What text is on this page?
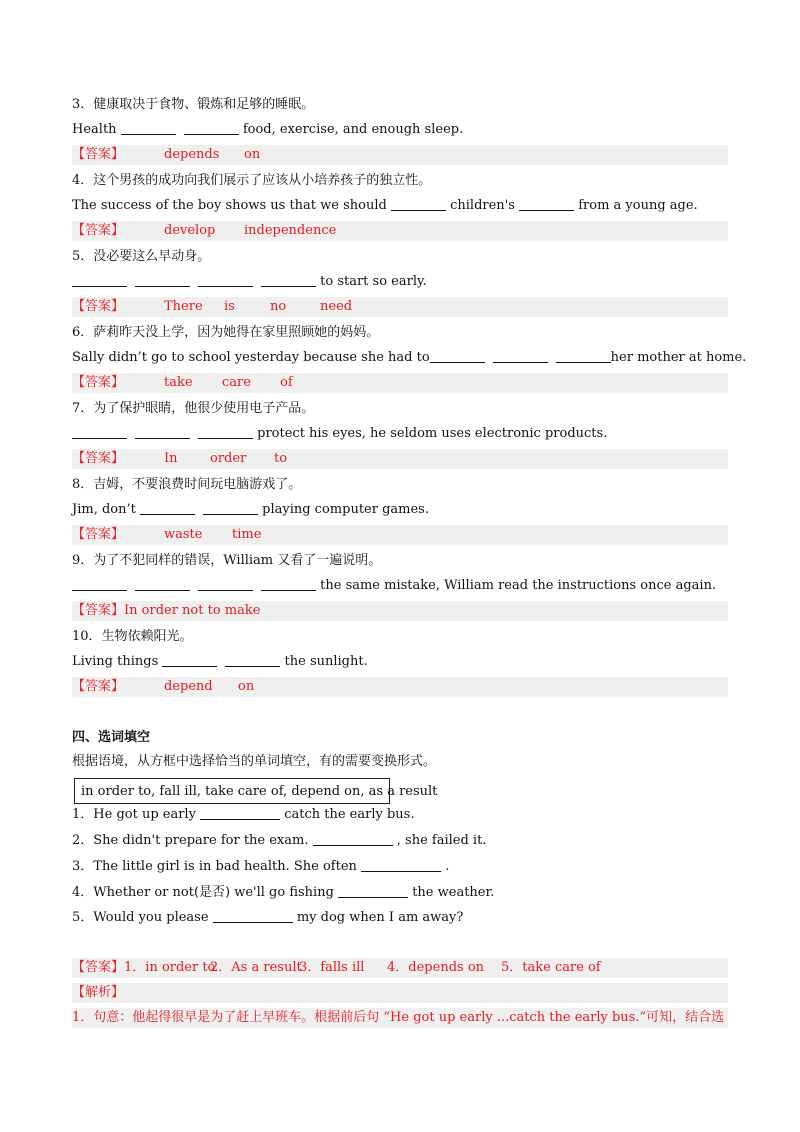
3．健康取决于食物、锻炼和足够的睡眠。
Health	food, exercise, and enough sleep.
【答案】	depends on
4．这个男孩的成功向我们展示了应该从小培养孩子的独立性。
The success of the boy shows us that we should	children's	from a young age.
【答案】	develop independence
5．没必要这么早动身。
to start so early.
【答案】	There is	no	need
6．萨莉昨天没上学，因为她得在家里照顾她的妈妈。
Sally didn’t go to school yesterday because she had to	her mother at home.
【答案】	take care of
7．为了保护眼睛，他很少使用电子产品。
protect his eyes, he seldom uses electronic products.
【答案】	In order to
8．吉姆，不要浪费时间玩电脑游戏了。
Jim, don’t	playing computer games.
【答案】	waste time
9．为了不犯同样的错误，William 又看了一遍说明。
the same mistake, William read the instructions once again.
【答案】In order not to make
10．生物依赖阳光。
Living things	the sunlight.
【答案】	depend on
四、选词填空
根据语境，从方框中选择恰当的单词填空，有的需要变换形式。
in order to, fall ill, take care of, depend on, as a result
1．He got up early	catch the early bus.
2．She didn't prepare for the exam.	, she failed it.
3．The little girl is in bad health. She often	.
4．Whether or not(是否) we'll go fishing	the weather.
5．Would you please	my dog when I am away?
【答案】1．in order to2．As a result3．falls ill 4．depends on 5．take care of
【解析】
1．句意：他起得很早是为了赶上早班车。根据前后句 “He got up early ...catch the early bus.”可知，结合选
